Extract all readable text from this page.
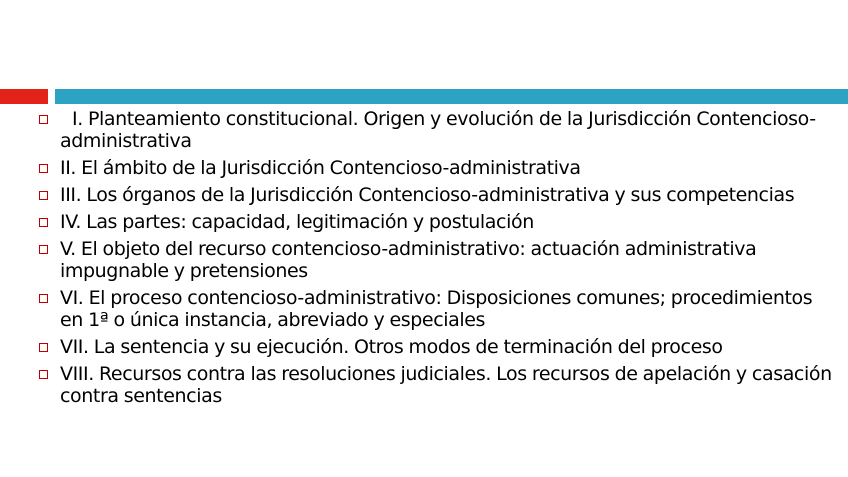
I. Planteamiento constitucional. Origen y evolución de la Jurisdicción Contencioso-administrativa
II. El ámbito de la Jurisdicción Contencioso-administrativa
III. Los órganos de la Jurisdicción Contencioso-administrativa y sus competencias
IV. Las partes: capacidad, legitimación y postulación
V. El objeto del recurso contencioso-administrativo: actuación administrativa impugnable y pretensiones
VI. El proceso contencioso-administrativo: Disposiciones comunes; procedimientos en 1ª o única instancia, abreviado y especiales
VII. La sentencia y su ejecución. Otros modos de terminación del proceso
VIII. Recursos contra las resoluciones judiciales. Los recursos de apelación y casación contra sentencias
